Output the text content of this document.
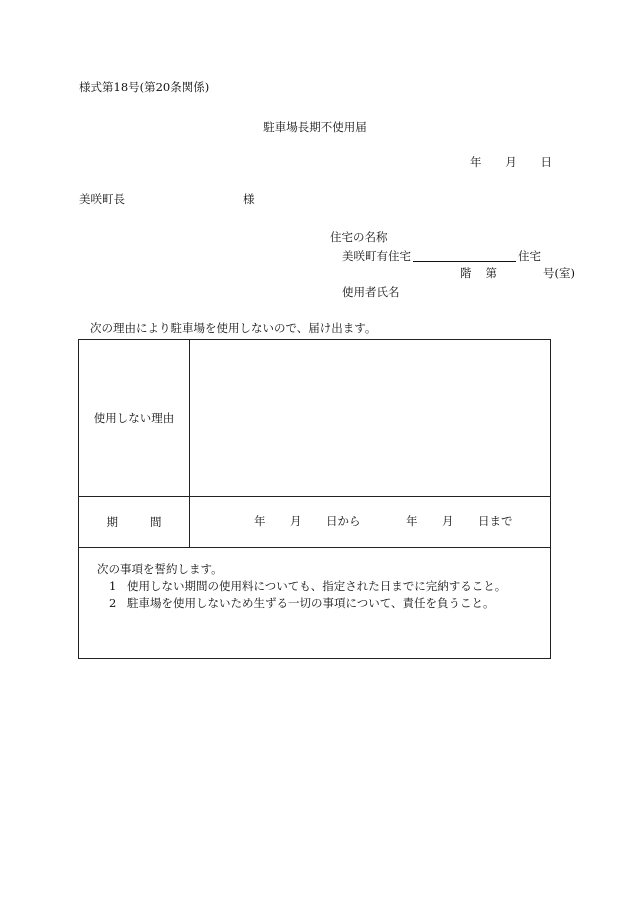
様式第18号(第20条関係)
駐車場長期不使用届
年 月 日
美咲町長	様
住宅の名称
美咲町有住宅	住宅
階 第	号(室)
使用者氏名
次の理由により駐車場を使用しないので、届け出ます。
使用しない理由
期	間	年 月 日から	年 月 日まで
次の事項を誓約します。
1 使用しない期間の使用料についても、指定された日までに完納すること。
2 駐車場を使用しないため生ずる一切の事項について、責任を負うこと。
